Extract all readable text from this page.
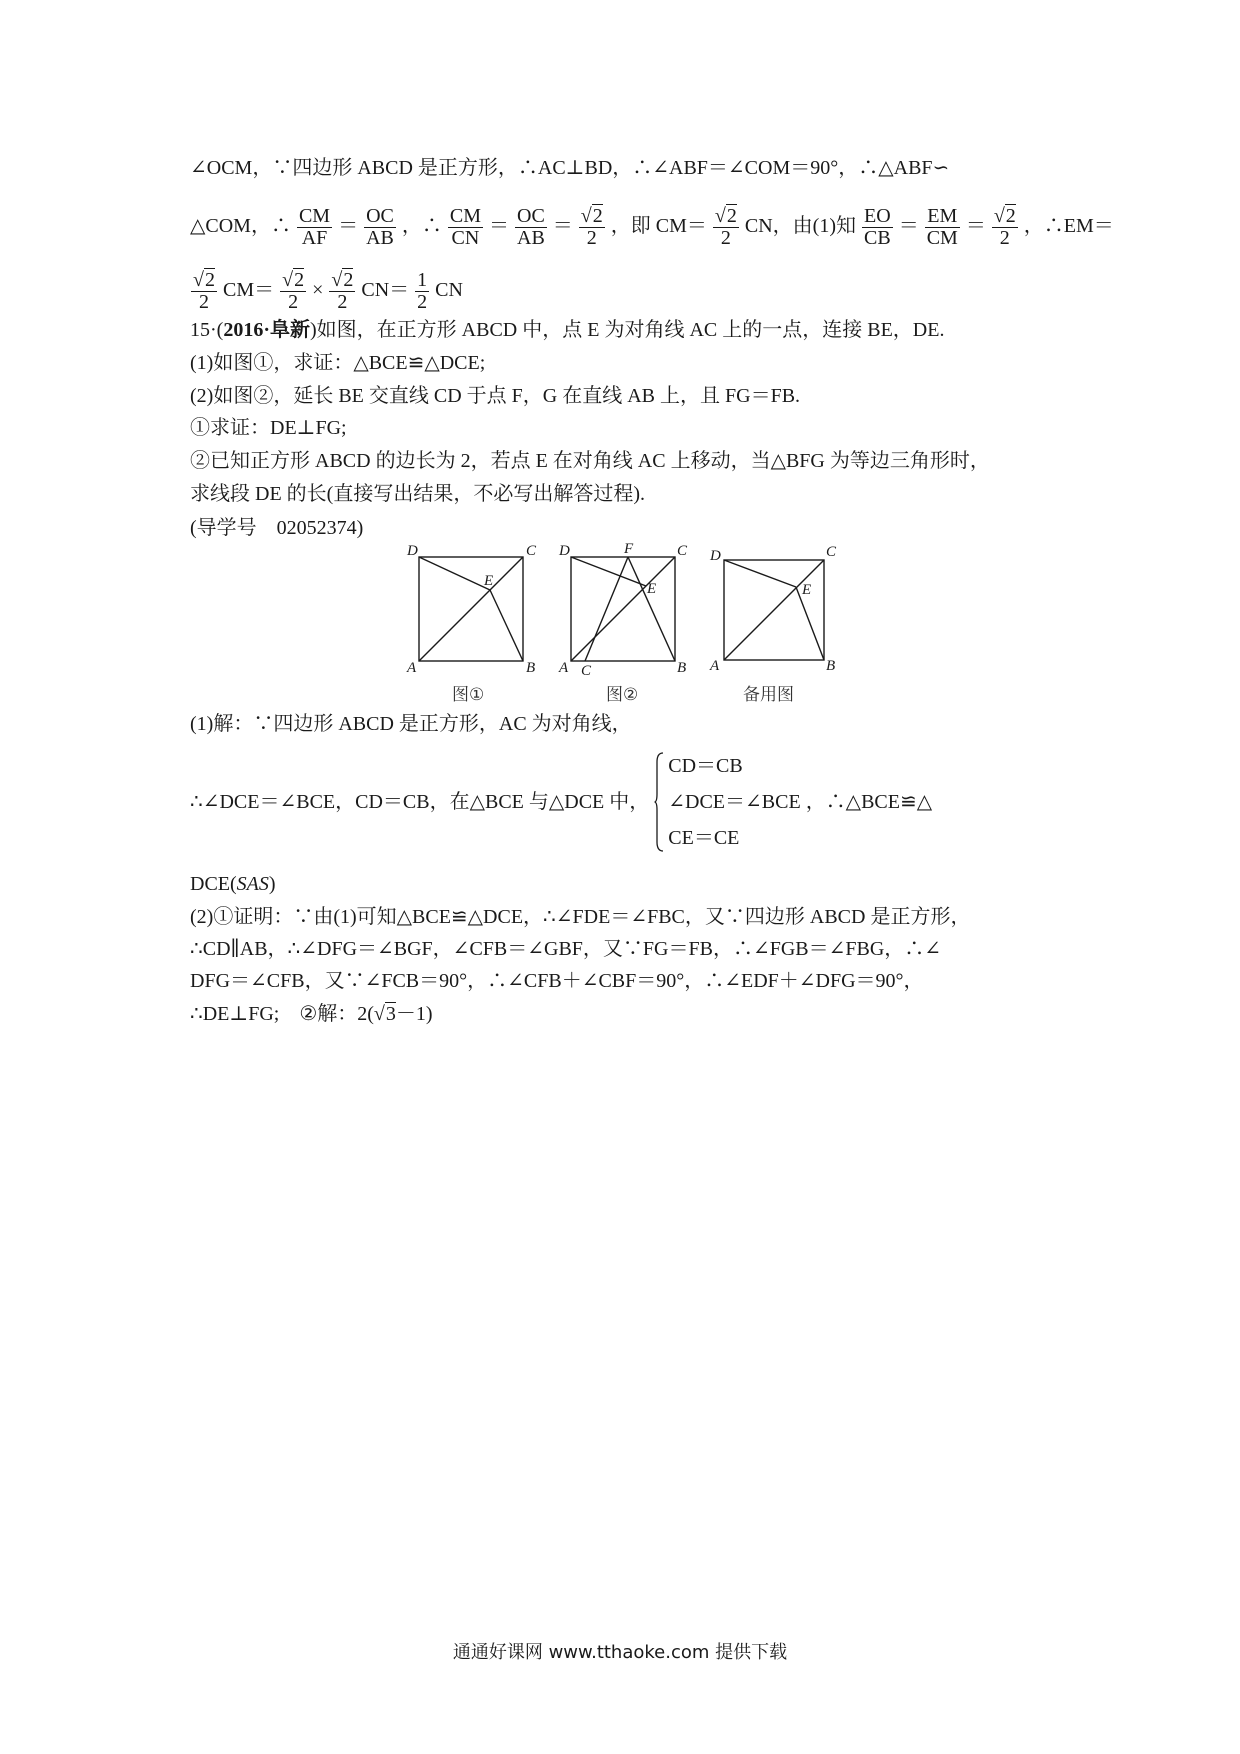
∠OCM，∵四边形 ABCD 是正方形，∴AC⊥BD，∴∠ABF＝∠COM＝90°，∴△ABF∽
△COM，∴ $\frac{CM}{AF} = \frac{OC}{AB}$ ，∴ $\frac{CM}{CN} = \frac{OC}{AB} = \frac{√2}{2}$ ，即 $CM= \frac{√2}{2}$ CN，由(1)知 $\frac{EO}{CB} = \frac{EM}{CM} = \frac{√2}{2}$ ，∴EM＝
$\frac{√2}{2} CM= \frac{√2}{2} \times \frac{√2}{2} CN= \frac{1}{2}$ CN
15·(2016·阜新)如图，在正方形 ABCD 中，点 E 为对角线 AC 上的一点，连接 BE，DE.
(1)如图①，求证：△BCE≌△DCE;
(2)如图②，延长 BE 交直线 CD 于点 F，G 在直线 AB 上，且 FG＝FB.
①求证：DE⊥FG;
②已知正方形 ABCD 的边长为 2，若点 E 在对角线 AC 上移动，当△BFG 为等边三角形时，
求线段 DE 的长(直接写出结果，不必写出解答过程).
(导学号　02052374)
D	C
A	B
E
D	F	C
E
A C	B
D	C
E
A	B
图①	图②	备用图
(1)解：∵四边形 ABCD 是正方形，AC 为对角线，
∴∠DCE＝∠BCE，CD＝CB，在△BCE 与△DCE 中，
CD＝CB
∠DCE＝∠BCE
CE＝CE
，∴△BCE≌△
DCE(SAS)
(2)①证明：∵由(1)可知△BCE≌△DCE，∴∠FDE＝∠FBC，又∵四边形 ABCD 是正方形，
∴CD∥AB，∴∠DFG＝∠BGF，∠CFB＝∠GBF，又∵FG＝FB，∴∠FGB＝∠FBG，∴∠
DFG＝∠CFB，又∵∠FCB＝90°，∴∠CFB＋∠CBF＝90°，∴∠EDF＋∠DFG＝90°，
∴DE⊥FG;　②解：2(√3－1)
通通好课网 www.tthaoke.com 提供下载
